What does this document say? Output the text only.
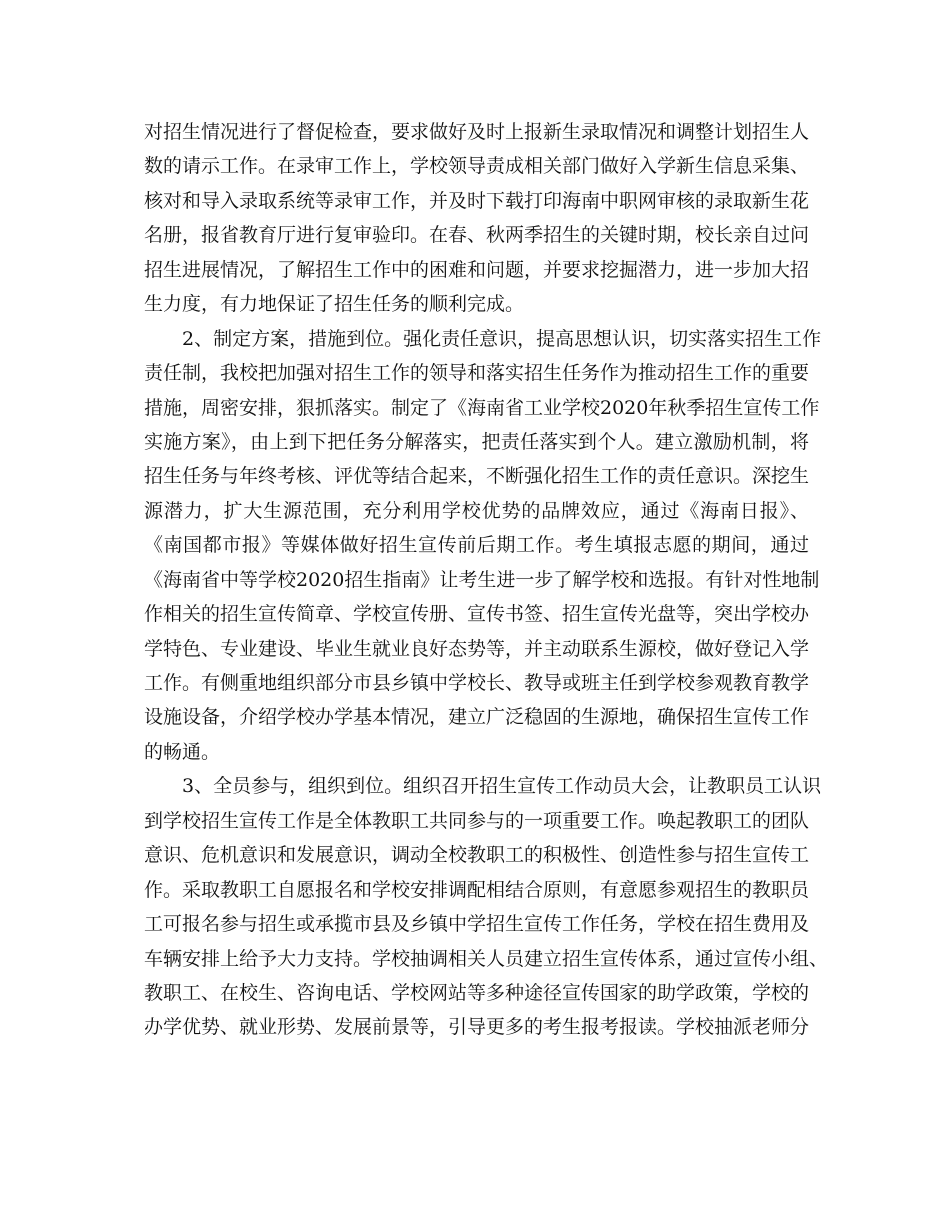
对招生情况进行了督促检查，要求做好及时上报新生录取情况和调整计划招生人
数的请示工作。在录审工作上，学校领导责成相关部门做好入学新生信息采集、
核对和导入录取系统等录审工作，并及时下载打印海南中职网审核的录取新生花
名册，报省教育厅进行复审验印。在春、秋两季招生的关键时期，校长亲自过问
招生进展情况，了解招生工作中的困难和问题，并要求挖掘潜力，进一步加大招
生力度，有力地保证了招生任务的顺利完成。
2、制定方案，措施到位。强化责任意识，提高思想认识，切实落实招生工作
责任制，我校把加强对招生工作的领导和落实招生任务作为推动招生工作的重要
措施，周密安排，狠抓落实。制定了《海南省工业学校2020年秋季招生宣传工作
实施方案》，由上到下把任务分解落实，把责任落实到个人。建立激励机制，将
招生任务与年终考核、评优等结合起来，不断强化招生工作的责任意识。深挖生
源潜力，扩大生源范围，充分利用学校优势的品牌效应，通过《海南日报》、
《南国都市报》等媒体做好招生宣传前后期工作。考生填报志愿的期间，通过
《海南省中等学校2020招生指南》让考生进一步了解学校和选报。有针对性地制
作相关的招生宣传简章、学校宣传册、宣传书签、招生宣传光盘等，突出学校办
学特色、专业建设、毕业生就业良好态势等，并主动联系生源校，做好登记入学
工作。有侧重地组织部分市县乡镇中学校长、教导或班主任到学校参观教育教学
设施设备，介绍学校办学基本情况，建立广泛稳固的生源地，确保招生宣传工作
的畅通。
3、全员参与，组织到位。组织召开招生宣传工作动员大会，让教职员工认识
到学校招生宣传工作是全体教职工共同参与的一项重要工作。唤起教职工的团队
意识、危机意识和发展意识，调动全校教职工的积极性、创造性参与招生宣传工
作。采取教职工自愿报名和学校安排调配相结合原则，有意愿参观招生的教职员
工可报名参与招生或承揽市县及乡镇中学招生宣传工作任务，学校在招生费用及
车辆安排上给予大力支持。学校抽调相关人员建立招生宣传体系，通过宣传小组、
教职工、在校生、咨询电话、学校网站等多种途径宣传国家的助学政策，学校的
办学优势、就业形势、发展前景等，引导更多的考生报考报读。学校抽派老师分
